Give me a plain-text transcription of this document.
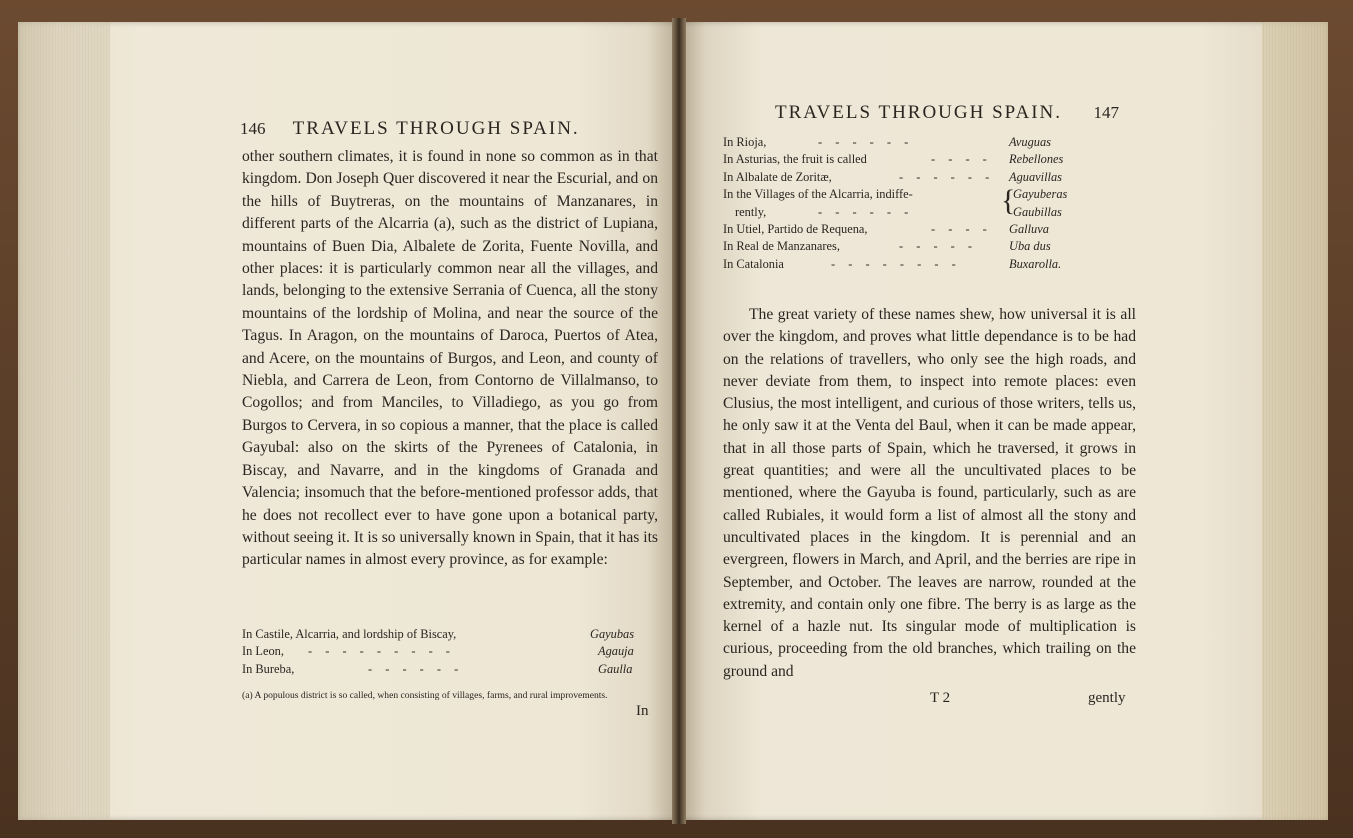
146 TRAVELS THROUGH SPAIN.

other southern climates, it is found in none so common as in that kingdom. Don Joseph Quer discovered it near the Escurial, and on the hills of Buytreras, on the mountains of Manzanares, in different parts of the Alcarria (a), such as the district of Lupiana, mountains of Buen Dia, Albalete de Zorita, Fuente Novilla, and other places: it is particularly common near all the villages, and lands, belonging to the extensive Serrania of Cuenca, all the stony mountains of the lordship of Molina, and near the source of the Tagus. In Aragon, on the mountains of Daroca, Puertos of Atea, and Acere, on the mountains of Burgos, and Leon, and county of Niebla, and Carrera de Leon, from Contorno de Villalmanso, to Cogollos; and from Manciles, to Villadiego, as you go from Burgos to Cervera, in so copious a manner, that the place is called Gayubal: also on the skirts of the Pyrenees of Catalonia, in Biscay, and Navarre, and in the kingdoms of Granada and Valencia; insomuch that the before-mentioned professor adds, that he does not recollect ever to have gone upon a botanical party, without seeing it. It is so universally known in Spain, that it has its particular names in almost every province, as for example:

In Castile, Alcarria, and lordship of Biscay,	Gayubas
In Leon, - - - - - - - - -	Agauja
In Bureba,	- - - - - -	Gaulla
(a) A populous district is so called, when consisting of villages, farms, and rural improvements.
In
TRAVELS THROUGH SPAIN. 147
In Rioja,	- - - - - -	Avuguas
In Asturias, the fruit is called	- - - - Rebellones
In Albalate de Zoritæ,	- - - - - - Aguavillas
In the Villages of the Alcarria, indiffe-	Gayuberas
rently,	- - - - - -	Gaubillas
In Utiel, Partido de Requena,	- - - - Galluva
In Real de Manzanares,	- - - - -	Uba dus
In Catalonia	- - - - - - - -	Buxarolla.
{

The great variety of these names shew, how universal it is all over the kingdom, and proves what little dependance is to be had on the relations of travellers, who only see the high roads, and never deviate from them, to inspect into remote places: even Clusius, the most intelligent, and curious of those writers, tells us, he only saw it at the Venta del Baul, when it can be made appear, that in all those parts of Spain, which he traversed, it grows in great quantities; and were all the uncultivated places to be mentioned, where the Gayuba is found, particularly, such as are called Rubiales, it would form a list of almost all the stony and uncultivated places in the kingdom. It is perennial and an evergreen, flowers in March, and April, and the berries are ripe in September, and October. The leaves are narrow, rounded at the extremity, and contain only one fibre. The berry is as large as the kernel of a hazle nut. Its singular mode of multiplication is curious, proceeding from the old branches, which trailing on the ground and

T 2	gently
